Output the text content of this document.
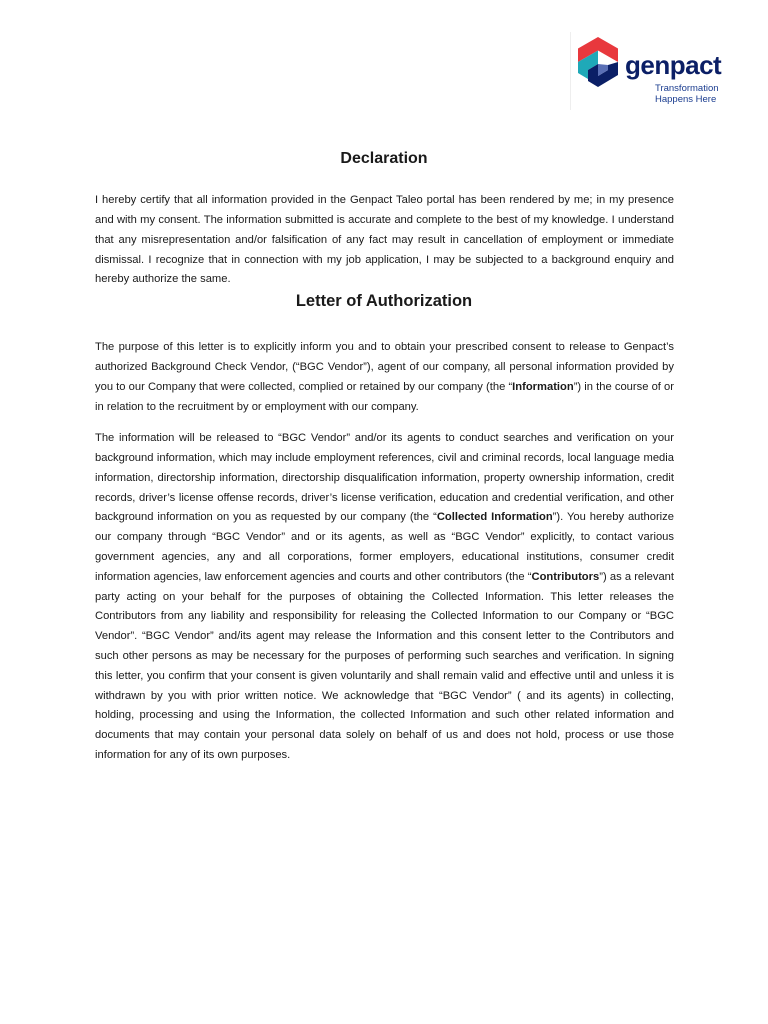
genpact
Transformation
Happens Here
Declaration

I hereby certify that all information provided in the Genpact Taleo portal has been rendered by me; in my presence and with my consent. The information submitted is accurate and complete to the best of my knowledge. I understand that any misrepresentation and/or falsification of any fact may result in cancellation of employment or immediate dismissal. I recognize that in connection with my job application, I may be subjected to a background enquiry and hereby authorize the same.

Letter of Authorization

The purpose of this letter is to explicitly inform you and to obtain your prescribed consent to release to Genpact’s authorized Background Check Vendor, (“BGC Vendor”), agent of our company, all personal information provided by you to our Company that were collected, complied or retained by our company (the “Information”) in the course of or in relation to the recruitment by or employment with our company.

The information will be released to “BGC Vendor” and/or its agents to conduct searches and verification on your background information, which may include employment references, civil and criminal records, local language media information, directorship information, directorship disqualification information, property ownership information, credit records, driver’s license offense records, driver’s license verification, education and credential verification, and other background information on you as requested by our company (the “Collected Information”). You hereby authorize our company through “BGC Vendor” and or its agents, as well as “BGC Vendor” explicitly, to contact various government agencies, any and all corporations, former employers, educational institutions, consumer credit information agencies, law enforcement agencies and courts and other contributors (the “Contributors”) as a relevant party acting on your behalf for the purposes of obtaining the Collected Information. This letter releases the Contributors from any liability and responsibility for releasing the Collected Information to our Company or “BGC Vendor”. “BGC Vendor” and/its agent may release the Information and this consent letter to the Contributors and such other persons as may be necessary for the purposes of performing such searches and verification. In signing this letter, you confirm that your consent is given voluntarily and shall remain valid and effective until and unless it is withdrawn by you with prior written notice. We acknowledge that “BGC Vendor” ( and its agents) in collecting, holding, processing and using the Information, the collected Information and such other related information and documents that may contain your personal data solely on behalf of us and does not hold, process or use those information for any of its own purposes.
